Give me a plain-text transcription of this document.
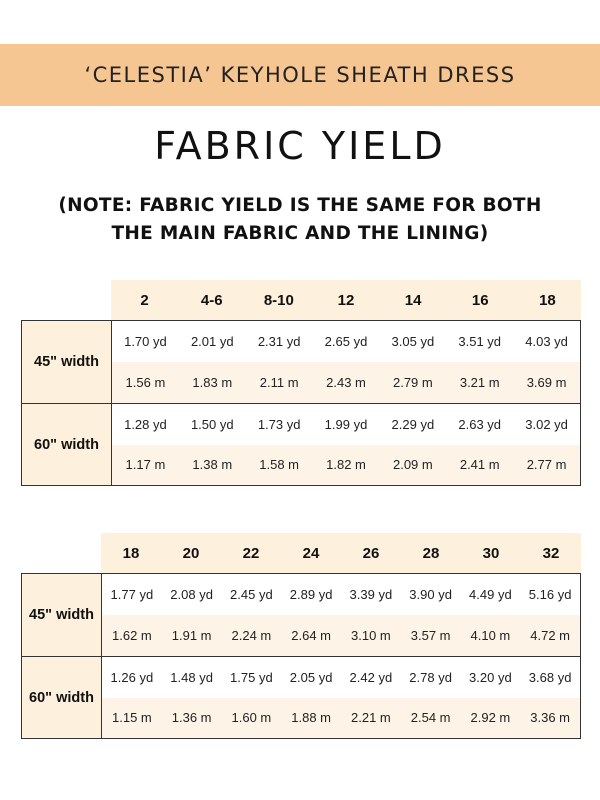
‘CELESTIA’ KEYHOLE SHEATH DRESS
FABRIC YIELD
(NOTE: FABRIC YIELD IS THE SAME FOR BOTH
THE MAIN FABRIC AND THE LINING)
2	4-6	8-10	12	14	16	18
45" width
1.70 yd	2.01 yd	2.31 yd	2.65 yd	3.05 yd	3.51 yd	4.03 yd
1.56 m	1.83 m	2.11 m	2.43 m	2.79 m	3.21 m	3.69 m
60" width
1.28 yd	1.50 yd	1.73 yd	1.99 yd	2.29 yd	2.63 yd	3.02 yd
1.17 m	1.38 m	1.58 m	1.82 m	2.09 m	2.41 m	2.77 m
18	20	22	24	26	28	30	32
45" width
1.77 yd	2.08 yd	2.45 yd	2.89 yd	3.39 yd	3.90 yd	4.49 yd	5.16 yd
1.62 m	1.91 m	2.24 m	2.64 m	3.10 m	3.57 m	4.10 m	4.72 m
60" width
1.26 yd	1.48 yd	1.75 yd	2.05 yd	2.42 yd	2.78 yd	3.20 yd	3.68 yd
1.15 m	1.36 m	1.60 m	1.88 m	2.21 m	2.54 m	2.92 m	3.36 m
